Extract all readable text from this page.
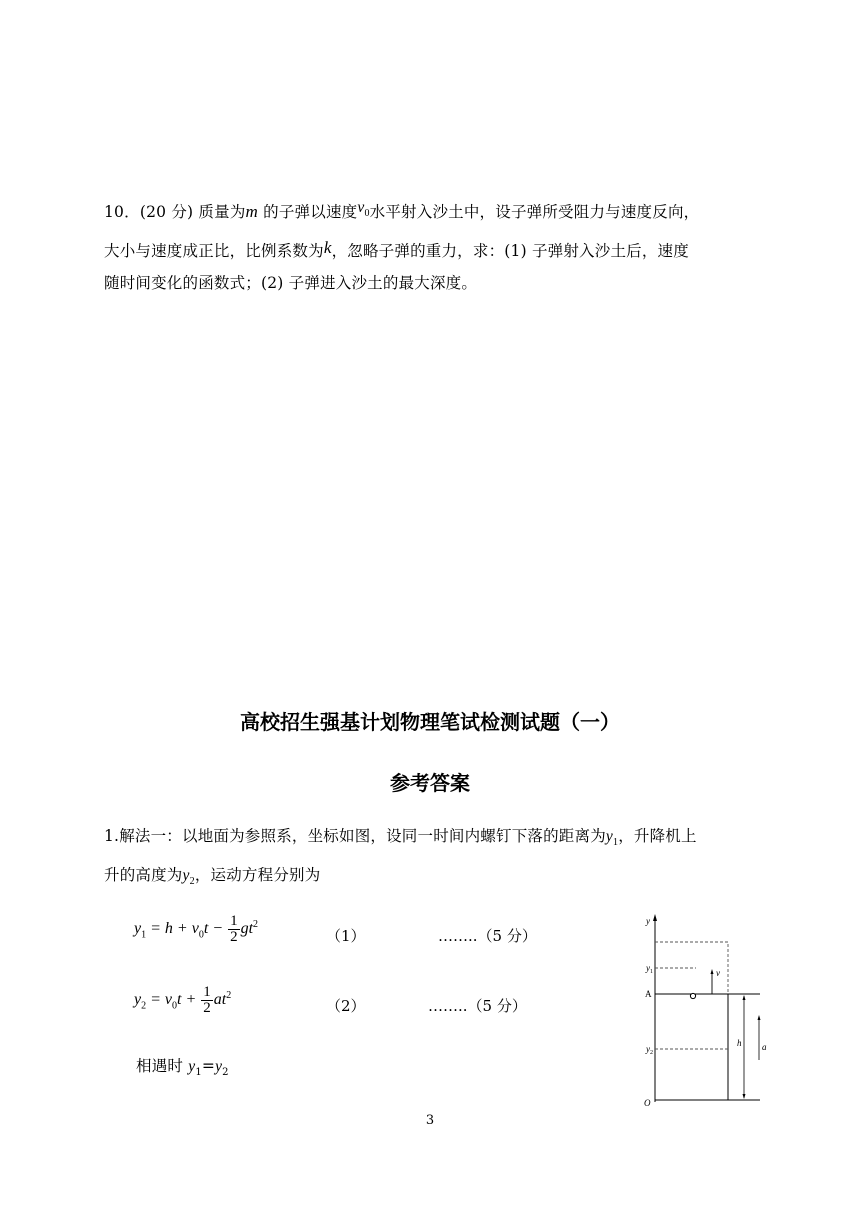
10．(20 分) 质量为m 的子弹以速度$v_0$水平射入沙土中，设子弹所受阻力与速度反向，
大小与速度成正比，比例系数为k，忽略子弹的重力，求：(1) 子弹射入沙土后，速度
随时间变化的函数式；(2) 子弹进入沙土的最大深度。
高校招生强基计划物理笔试检测试题（一）
参考答案
1.解法一：以地面为参照系，坐标如图，设同一时间内螺钉下落的距离为$y_1$，升降机上
升的高度为$y_2$，运动方程分别为
$y_1 = h + v_0t - \frac{1}{2} gt^2$
（1）	……..（5 分）
$y_2 = v_0t + \frac{1}{2} at^2$
（2）	……..（5 分）
相遇时 $y_1=y_2$
y
$y_1$	v
A
$y_2$
O
h a
3
